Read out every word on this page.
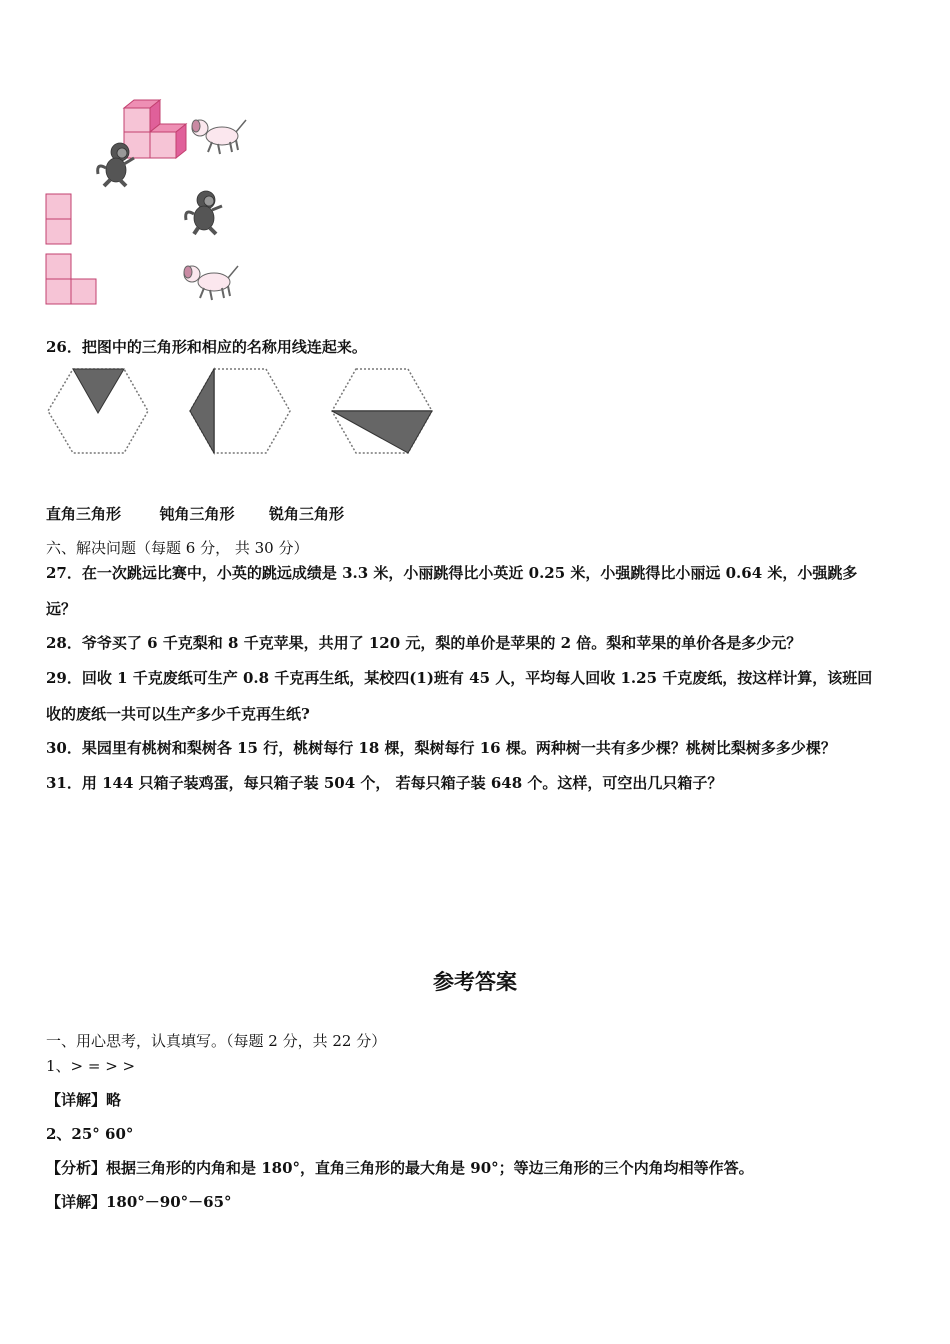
26．把图中的三角形和相应的名称用线连起来。
直角三角形	钝角三角形 锐角三角形
六、解决问题（每题 6 分， 共 30 分）
27．在一次跳远比赛中，小英的跳远成绩是 3.3 米，小丽跳得比小英近 0.25 米，小强跳得比小丽远 0.64 米，小强跳多
远？
28．爷爷买了 6 千克梨和 8 千克苹果，共用了 120 元，梨的单价是苹果的 2 倍。梨和苹果的单价各是多少元？
29．回收 1 千克废纸可生产 0.8 千克再生纸，某校四(1)班有 45 人，平均每人回收 1.25 千克废纸，按这样计算，该班回
收的废纸一共可以生产多少千克再生纸?
30．果园里有桃树和梨树各 15 行，桃树每行 18 棵，梨树每行 16 棵。两种树一共有多少棵？桃树比梨树多多少棵？
31．用 144 只箱子装鸡蛋，每只箱子装 504 个， 若每只箱子装 648 个。这样，可空出几只箱子？
参考答案
一、用心思考，认真填写。（每题 2 分，共 22 分）
1、> = > >
【详解】略
2、25° 60°
【分析】根据三角形的内角和是 180°，直角三角形的最大角是 90°；等边三角形的三个内角均相等作答。
【详解】180°－90°－65°
